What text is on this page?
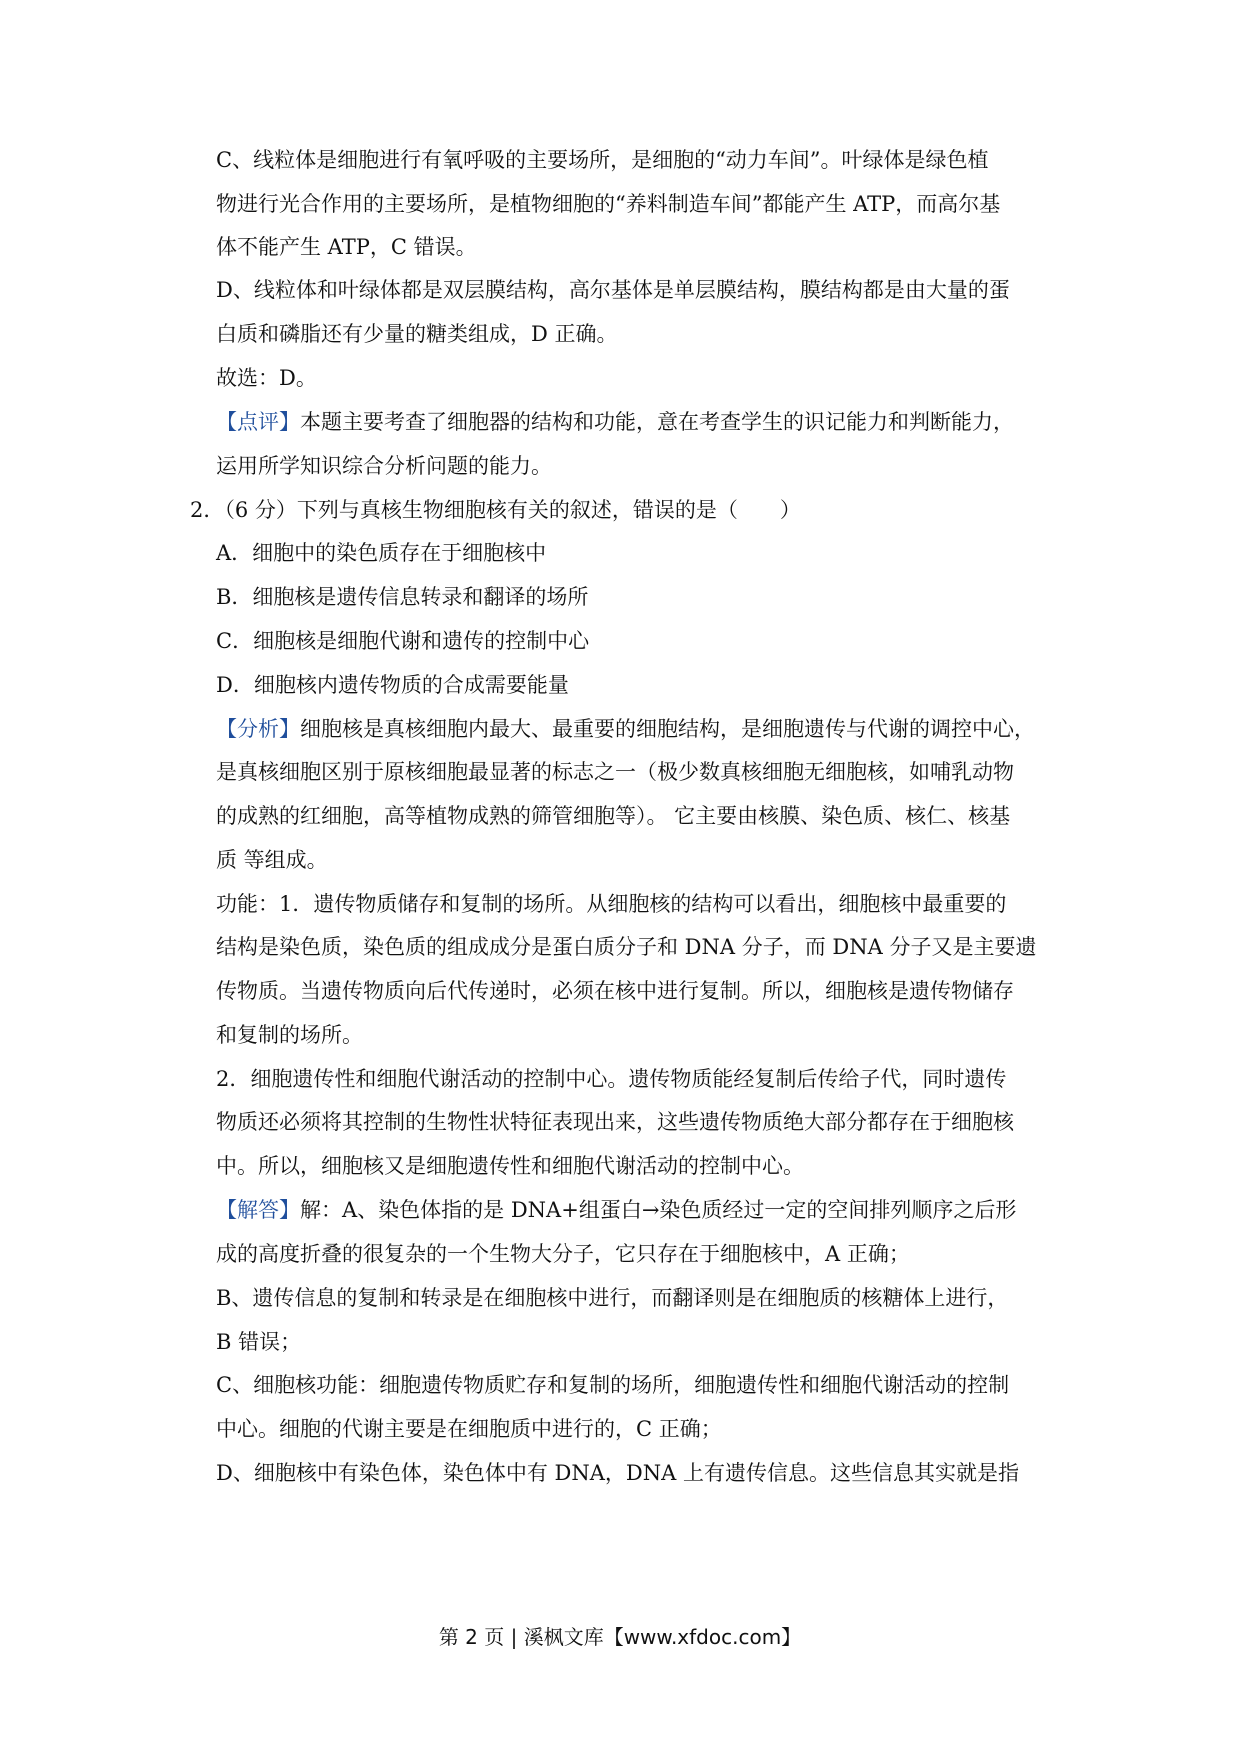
C、线粒体是细胞进行有氧呼吸的主要场所，是细胞的“动力车间”。叶绿体是绿色植
物进行光合作用的主要场所，是植物细胞的“养料制造车间”都能产生 ATP，而高尔基
体不能产生 ATP，C 错误。
D、线粒体和叶绿体都是双层膜结构，高尔基体是单层膜结构，膜结构都是由大量的蛋
白质和磷脂还有少量的糖类组成，D 正确。
故选：D。
【点评】本题主要考查了细胞器的结构和功能，意在考查学生的识记能力和判断能力，
运用所学知识综合分析问题的能力。
2．（6 分）下列与真核生物细胞核有关的叙述，错误的是（　　）
A．细胞中的染色质存在于细胞核中
B．细胞核是遗传信息转录和翻译的场所
C．细胞核是细胞代谢和遗传的控制中心
D．细胞核内遗传物质的合成需要能量
【分析】细胞核是真核细胞内最大、最重要的细胞结构，是细胞遗传与代谢的调控中心，
是真核细胞区别于原核细胞最显著的标志之一（极少数真核细胞无细胞核，如哺乳动物
的成熟的红细胞，高等植物成熟的筛管细胞等）。 它主要由核膜、染色质、核仁、核基
质 等组成。
功能：1．遗传物质储存和复制的场所。从细胞核的结构可以看出，细胞核中最重要的
结构是染色质，染色质的组成成分是蛋白质分子和 DNA 分子，而 DNA 分子又是主要遗
传物质。当遗传物质向后代传递时，必须在核中进行复制。所以，细胞核是遗传物储存
和复制的场所。
2．细胞遗传性和细胞代谢活动的控制中心。遗传物质能经复制后传给子代，同时遗传
物质还必须将其控制的生物性状特征表现出来，这些遗传物质绝大部分都存在于细胞核
中。所以，细胞核又是细胞遗传性和细胞代谢活动的控制中心。
【解答】解：A、染色体指的是 DNA+组蛋白→染色质经过一定的空间排列顺序之后形
成的高度折叠的很复杂的一个生物大分子，它只存在于细胞核中，A 正确；
B、遗传信息的复制和转录是在细胞核中进行，而翻译则是在细胞质的核糖体上进行，
B 错误；
C、细胞核功能：细胞遗传物质贮存和复制的场所，细胞遗传性和细胞代谢活动的控制
中心。细胞的代谢主要是在细胞质中进行的，C 正确；
D、细胞核中有染色体，染色体中有 DNA，DNA 上有遗传信息。这些信息其实就是指
第 2 页 | 溪枫文库【www.xfdoc.com】
